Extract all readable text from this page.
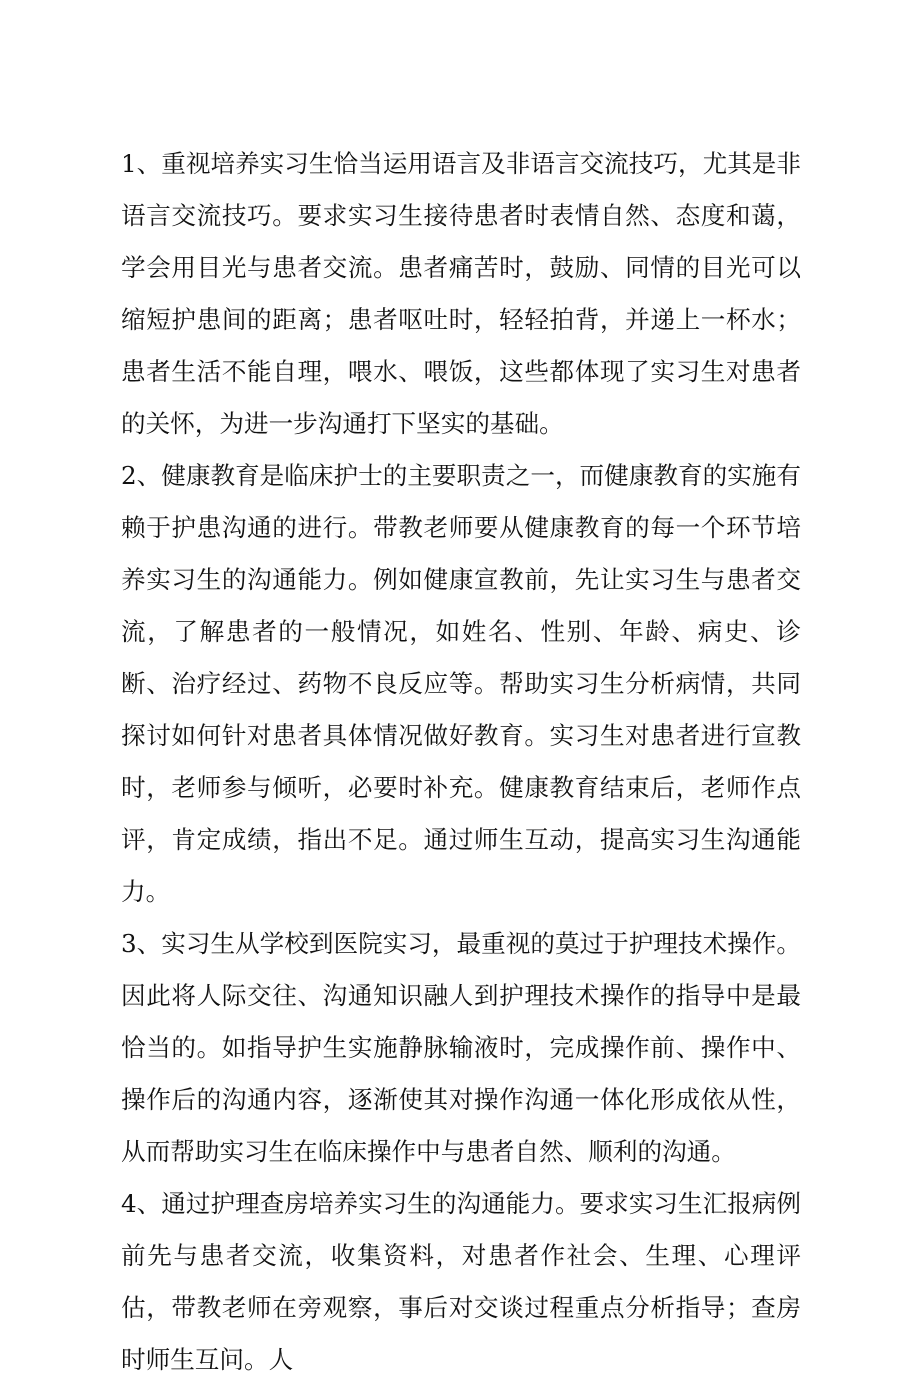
1、重视培养实习生恰当运用语言及非语言交流技巧，尤其是非语言交流技巧。要求实习生接待患者时表情自然、态度和蔼，学会用目光与患者交流。患者痛苦时，鼓励、同情的目光可以缩短护患间的距离；患者呕吐时，轻轻拍背，并递上一杯水；患者生活不能自理，喂水、喂饭，这些都体现了实习生对患者的关怀，为进一步沟通打下坚实的基础。

2、健康教育是临床护士的主要职责之一，而健康教育的实施有赖于护患沟通的进行。带教老师要从健康教育的每一个环节培养实习生的沟通能力。例如健康宣教前，先让实习生与患者交流，了解患者的一般情况，如姓名、性别、年龄、病史、诊断、治疗经过、药物不良反应等。帮助实习生分析病情，共同探讨如何针对患者具体情况做好教育。实习生对患者进行宣教时，老师参与倾听，必要时补充。健康教育结束后，老师作点评，肯定成绩，指出不足。通过师生互动，提高实习生沟通能力。

3、实习生从学校到医院实习，最重视的莫过于护理技术操作。因此将人际交往、沟通知识融人到护理技术操作的指导中是最恰当的。如指导护生实施静脉输液时，完成操作前、操作中、操作后的沟通内容，逐渐使其对操作沟通一体化形成依从性，从而帮助实习生在临床操作中与患者自然、顺利的沟通。

4、通过护理查房培养实习生的沟通能力。要求实习生汇报病例前先与患者交流，收集资料，对患者作社会、生理、心理评估，带教老师在旁观察，事后对交谈过程重点分析指导；查房时师生互问。人
